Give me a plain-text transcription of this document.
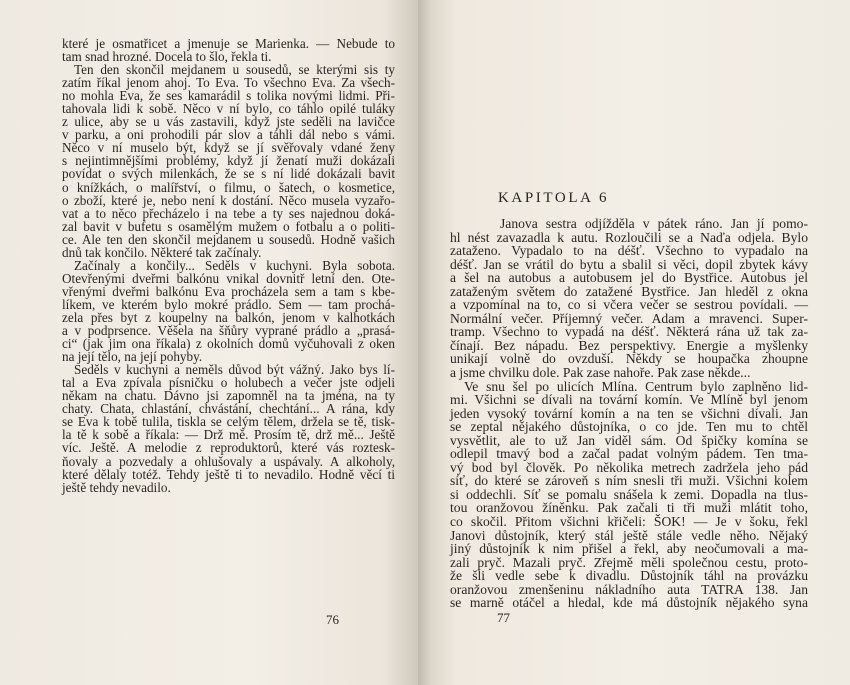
které je osmatřicet a jmenuje se Marienka. — Nebude to
tam snad hrozné. Docela to šlo, řekla ti.
Ten den skončil mejdanem u sousedů, se kterými sis ty
zatím říkal jenom ahoj. To Eva. To všechno Eva. Za všech-
no mohla Eva, že ses kamarádil s tolika novými lidmi. Při-
tahovala lidi k sobě. Něco v ní bylo, co táhlo opilé tuláky
z ulice, aby se u vás zastavili, když jste seděli na lavičce
v parku, a oni prohodili pár slov a táhli dál nebo s vámi.
Něco v ní muselo být, když se jí svěřovaly vdané ženy
s nejintimnějšími problémy, když jí ženatí muži dokázali
povídat o svých milenkách, že se s ní lidé dokázali bavit
o knížkách, o malířství, o filmu, o šatech, o kosmetice,
o zboží, které je, nebo není k dostání. Něco musela vyzařo-
vat a to něco přecházelo i na tebe a ty ses najednou doká-
zal bavit v bufetu s osamělým mužem o fotbalu a o politi-
ce. Ale ten den skončil mejdanem u sousedů. Hodně vašich
dnů tak končilo. Některé tak začínaly.
Začínaly a končily... Seděls v kuchyni. Byla sobota.
Otevřenými dveřmi balkónu vnikal dovnitř letní den. Ote-
vřenými dveřmi balkónu Eva procházela sem a tam s kbe-
líkem, ve kterém bylo mokré prádlo. Sem — tam prochá-
zela přes byt z koupelny na balkón, jenom v kalhotkách
a v podprsence. Věšela na šňůry vyprané prádlo a „prasá-
ci“ (jak jim ona říkala) z okolních domů vyčuhovali z oken
na její tělo, na její pohyby.
Seděls v kuchyni a neměls důvod být vážný. Jako bys lí-
tal a Eva zpívala písničku o holubech a večer jste odjeli
někam na chatu. Dávno jsi zapomněl na ta jména, na ty
chaty. Chata, chlastání, chvástání, chechtání... A rána, kdy
se Eva k tobě tulila, tiskla se celým tělem, držela se tě, tisk-
la tě k sobě a říkala: — Drž mě. Prosím tě, drž mě... Ještě
víc. Ještě. A melodie z reproduktorů, které vás roztesk-
ňovaly a pozvedaly a ohlušovaly a uspávaly. A alkoholy,
které dělaly totéž. Tehdy ještě ti to nevadilo. Hodně věcí ti
ještě tehdy nevadilo.
76
KAPITOLA 6
Janova sestra odjížděla v pátek ráno. Jan jí pomo-
hl nést zavazadla k autu. Rozloučili se a Naďa odjela. Bylo
zataženo. Vypadalo to na déšť. Všechno to vypadalo na
déšť. Jan se vrátil do bytu a sbalil si věci, dopil zbytek kávy
a šel na autobus a autobusem jel do Bystřice. Autobus jel
zataženým světem do zatažené Bystřice. Jan hleděl z okna
a vzpomínal na to, co si včera večer se sestrou povídali. —
Normální večer. Příjemný večer. Adam a mravenci. Super-
tramp. Všechno to vypadá na déšť. Některá rána už tak za-
čínají. Bez nápadu. Bez perspektivy. Energie a myšlenky
unikají volně do ovzduší. Někdy se houpačka zhoupne
a jsme chvilku dole. Pak zase nahoře. Pak zase někde...
Ve snu šel po ulicích Mlína. Centrum bylo zaplněno lid-
mi. Všichni se dívali na tovární komín. Ve Mlíně byl jenom
jeden vysoký tovární komín a na ten se všichni dívali. Jan
se zeptal nějakého důstojníka, o co jde. Ten mu to chtěl
vysvětlit, ale to už Jan viděl sám. Od špičky komína se
odlepil tmavý bod a začal padat volným pádem. Ten tma-
vý bod byl člověk. Po několika metrech zadržela jeho pád
síť, do které se zároveň s ním snesli tři muži. Všichni kolem
si oddechli. Síť se pomalu snášela k zemi. Dopadla na tlus-
tou oranžovou žíněnku. Pak začali ti tři muži mlátit toho,
co skočil. Přitom všichni křičeli: ŠOK! — Je v šoku, řekl
Janovi důstojník, který stál ještě stále vedle něho. Nějaký
jiný důstojník k nim přišel a řekl, aby neočumovali a ma-
zali pryč. Mazali pryč. Zřejmě měli společnou cestu, proto-
že šli vedle sebe k divadlu. Důstojník táhl na provázku
oranžovou zmenšeninu nákladního auta TATRA 138. Jan
se marně otáčel a hledal, kde má důstojník nějakého syna
77
